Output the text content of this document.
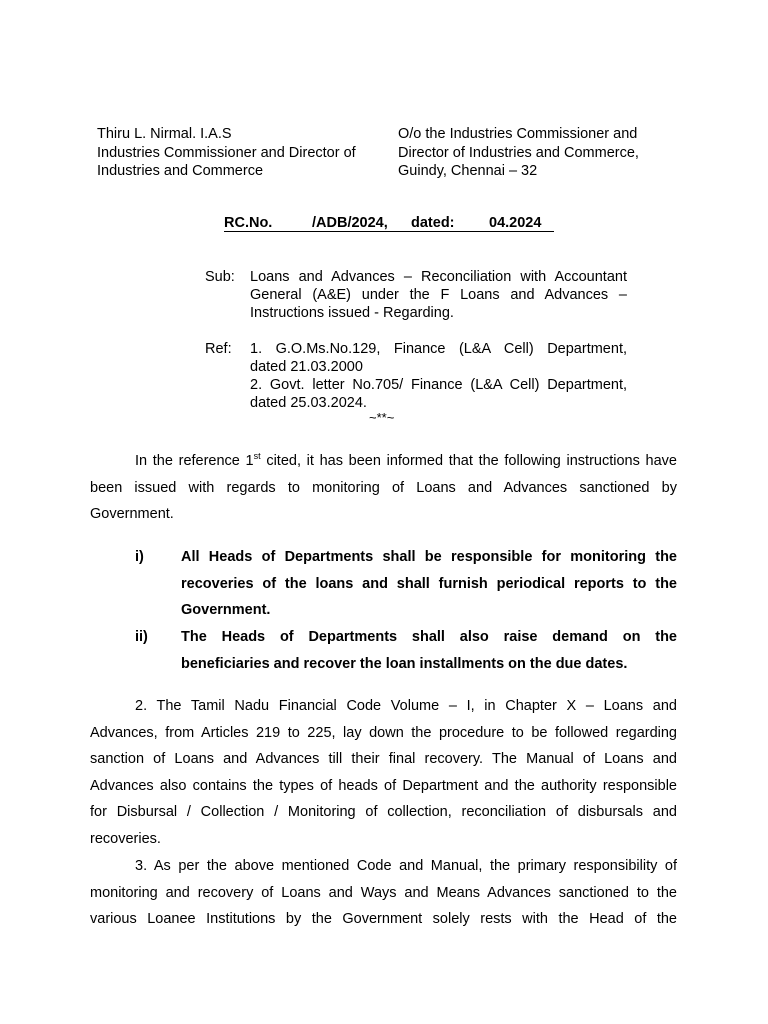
Thiru L. Nirmal. I.A.S
Industries Commissioner and Director of
Industries and Commerce
O/o the Industries Commissioner and
Director of Industries and Commerce,
Guindy, Chennai – 32
RC.No.	/ADB/2024, dated: 04.2024
Sub: Loans and Advances – Reconciliation with Accountant
General (A&E) under the F Loans and Advances –
Instructions issued - Regarding.
Ref: 1. G.O.Ms.No.129, Finance (L&A Cell) Department,
dated 21.03.2000
2. Govt. letter No.705/ Finance (L&A Cell) Department,
dated 25.03.2024.
~**~
In the reference 1st cited, it has been informed that the following instructions have
been issued with regards to monitoring of Loans and Advances sanctioned by
Government.
i)	All Heads of Departments shall be responsible for monitoring the
recoveries of the loans and shall furnish periodical reports to the
Government.
ii) The Heads of Departments shall also raise demand on the
beneficiaries and recover the loan installments on the due dates.
2. The Tamil Nadu Financial Code Volume – I, in Chapter X – Loans and
Advances, from Articles 219 to 225, lay down the procedure to be followed regarding
sanction of Loans and Advances till their final recovery. The Manual of Loans and
Advances also contains the types of heads of Department and the authority responsible
for Disbursal / Collection / Monitoring of collection, reconciliation of disbursals and
recoveries.
3. As per the above mentioned Code and Manual, the primary responsibility of
monitoring and recovery of Loans and Ways and Means Advances sanctioned to the
various Loanee Institutions by the Government solely rests with the Head of the
